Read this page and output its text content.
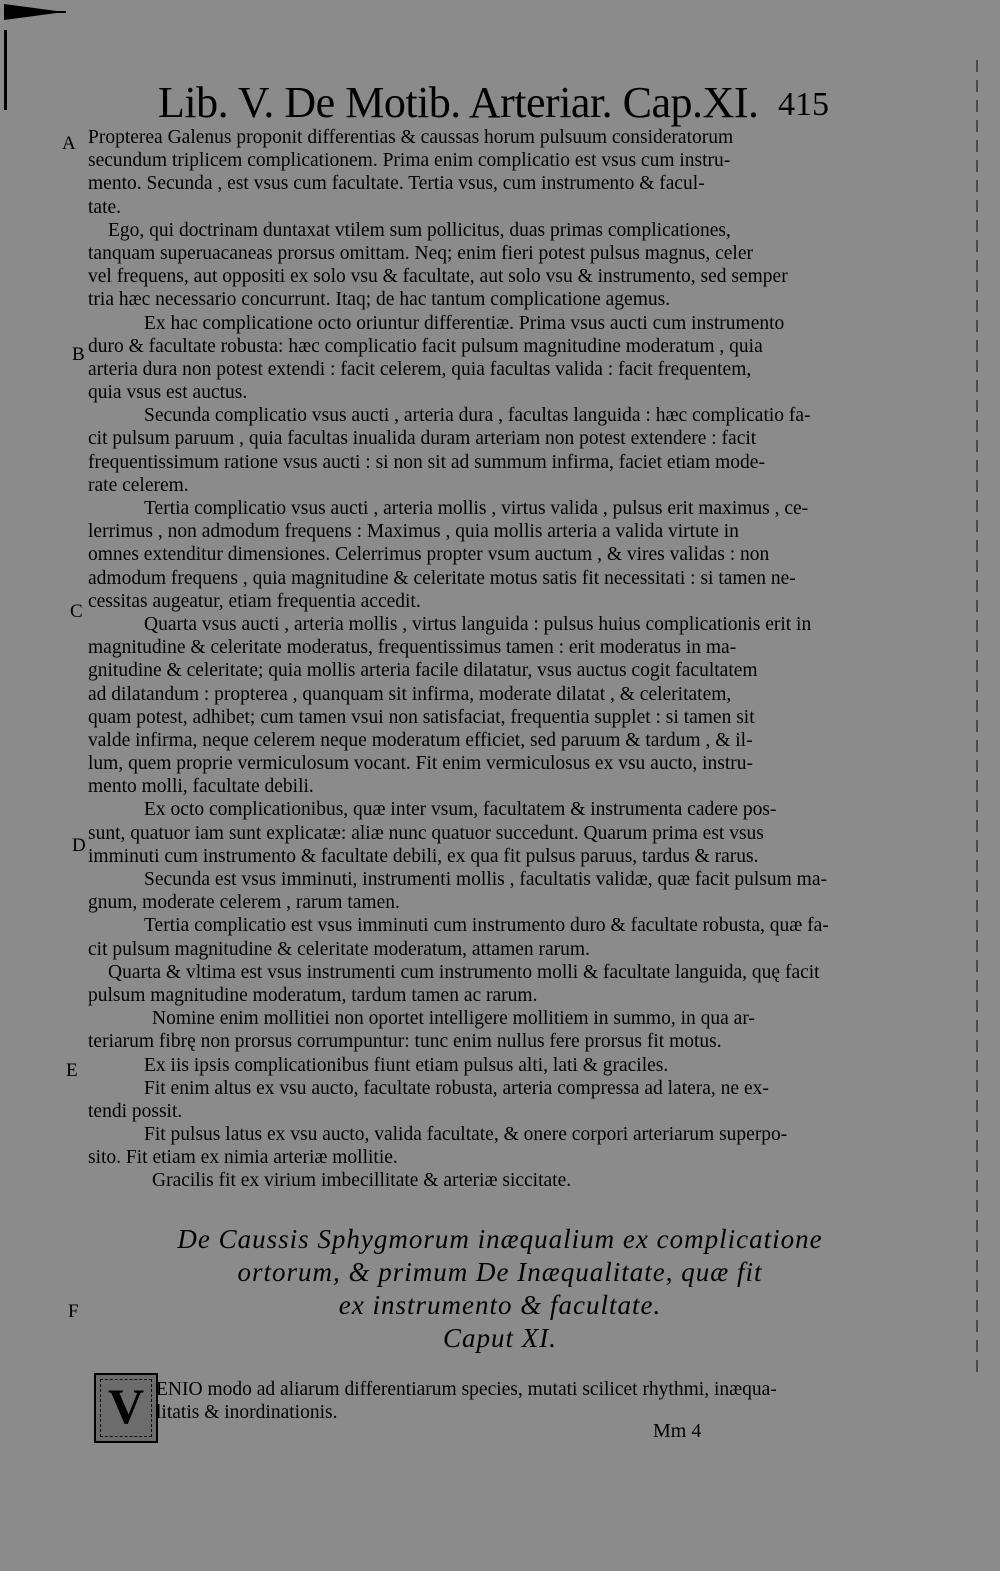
Lib. V. De Motib. Arteriar. Cap.XI. 415
A
B
C
D
E
F
Propterea Galenus proponit differentias & caussas horum pulsuum consideratorum
secundum triplicem complicationem. Prima enim complicatio est vsus cum instru-
mento. Secunda , est vsus cum facultate. Tertia vsus, cum instrumento & facul-
tate.
Ego, qui doctrinam duntaxat vtilem sum pollicitus, duas primas complicationes,
tanquam superuacaneas prorsus omittam. Neq; enim fieri potest pulsus magnus, celer
vel frequens, aut oppositi ex solo vsu & facultate, aut solo vsu & instrumento, sed semper
tria hæc necessario concurrunt. Itaq; de hac tantum complicatione agemus.
Ex hac complicatione octo oriuntur differentiæ. Prima vsus aucti cum instrumento
duro & facultate robusta: hæc complicatio facit pulsum magnitudine moderatum , quia
arteria dura non potest extendi : facit celerem, quia facultas valida : facit frequentem,
quia vsus est auctus.
Secunda complicatio vsus aucti , arteria dura , facultas languida : hæc complicatio fa-
cit pulsum paruum , quia facultas inualida duram arteriam non potest extendere : facit
frequentissimum ratione vsus aucti : si non sit ad summum infirma, faciet etiam mode-
rate celerem.
Tertia complicatio vsus aucti , arteria mollis , virtus valida , pulsus erit maximus , ce-
lerrimus , non admodum frequens : Maximus , quia mollis arteria a valida virtute in
omnes extenditur dimensiones. Celerrimus propter vsum auctum , & vires validas : non
admodum frequens , quia magnitudine & celeritate motus satis fit necessitati : si tamen ne-
cessitas augeatur, etiam frequentia accedit.
Quarta vsus aucti , arteria mollis , virtus languida : pulsus huius complicationis erit in
magnitudine & celeritate moderatus, frequentissimus tamen : erit moderatus in ma-
gnitudine & celeritate; quia mollis arteria facile dilatatur, vsus auctus cogit facultatem
ad dilatandum : propterea , quanquam sit infirma, moderate dilatat , & celeritatem,
quam potest, adhibet; cum tamen vsui non satisfaciat, frequentia supplet : si tamen sit
valde infirma, neque celerem neque moderatum efficiet, sed paruum & tardum , & il-
lum, quem proprie vermiculosum vocant. Fit enim vermiculosus ex vsu aucto, instru-
mento molli, facultate debili.
Ex octo complicationibus, quæ inter vsum, facultatem & instrumenta cadere pos-
sunt, quatuor iam sunt explicatæ: aliæ nunc quatuor succedunt. Quarum prima est vsus
imminuti cum instrumento & facultate debili, ex qua fit pulsus paruus, tardus & rarus.
Secunda est vsus imminuti, instrumenti mollis , facultatis validæ, quæ facit pulsum ma-
gnum, moderate celerem , rarum tamen.
Tertia complicatio est vsus imminuti cum instrumento duro & facultate robusta, quæ fa-
cit pulsum magnitudine & celeritate moderatum, attamen rarum.
Quarta & vltima est vsus instrumenti cum instrumento molli & facultate languida, quę facit
pulsum magnitudine moderatum, tardum tamen ac rarum.
Nomine enim mollitiei non oportet intelligere mollitiem in summo, in qua ar-
teriarum fibrę non prorsus corrumpuntur: tunc enim nullus fere prorsus fit motus.
Ex iis ipsis complicationibus fiunt etiam pulsus alti, lati & graciles.
Fit enim altus ex vsu aucto, facultate robusta, arteria compressa ad latera, ne ex-
tendi possit.
Fit pulsus latus ex vsu aucto, valida facultate, & onere corpori arteriarum superpo-
sito. Fit etiam ex nimia arteriæ mollitie.
Gracilis fit ex virium imbecillitate & arteriæ siccitate.
De Caussis Sphygmorum inæqualium ex complicatione
ortorum, & primum De Inæqualitate, quæ fit
ex instrumento & facultate.
Caput XI.
V ENIO modo ad aliarum differentiarum species, mutati scilicet rhythmi, inæqua-
litatis & inordinationis.
Mm 4
